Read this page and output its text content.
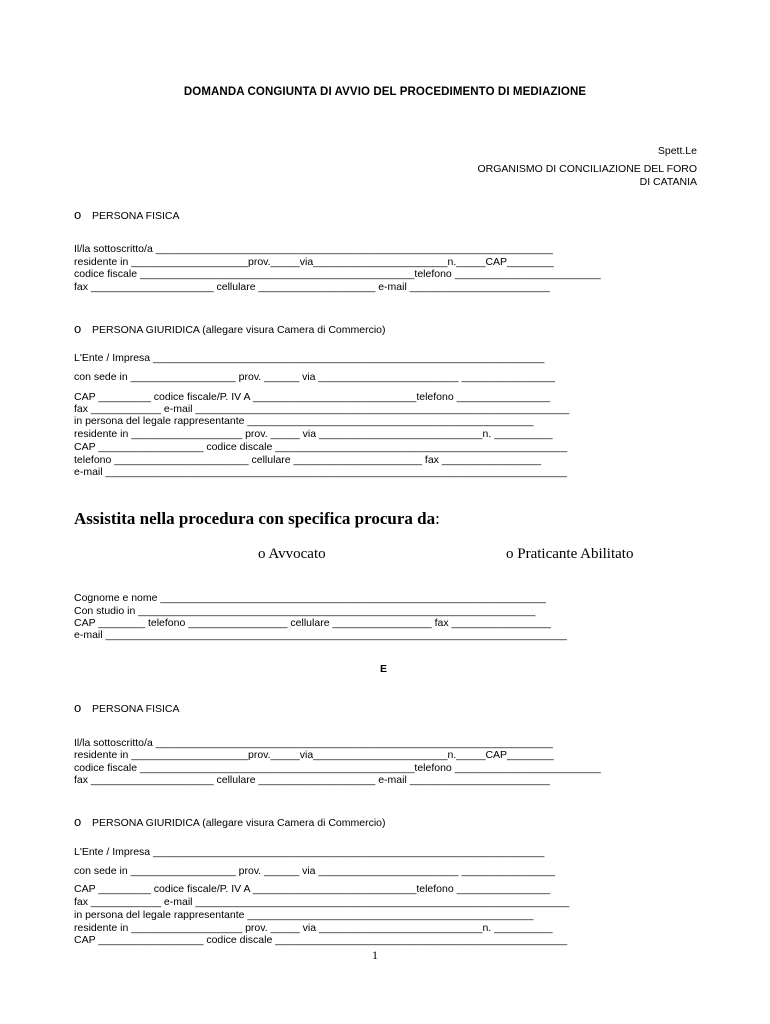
DOMANDA CONGIUNTA DI AVVIO DEL PROCEDIMENTO DI MEDIAZIONE
Spett.Le
ORGANISMO DI CONCILIAZIONE DEL FORO
DI CATANIA
o PERSONA FISICA
Il/la sottoscritto/a ____________________________________________________________________
residente in ____________________prov._____via_______________________n._____CAP________
codice fiscale _______________________________________________telefono _________________________
fax _____________________ cellulare ____________________ e-mail ________________________
o PERSONA GIURIDICA (allegare visura Camera di Commercio)
L'Ente / Impresa ___________________________________________________________________
con sede in __________________ prov. ______ via ________________________ ________________
CAP _________ codice fiscale/P. IV A ____________________________telefono ________________
fax ____________ e-mail ________________________________________________________________
in persona del legale rappresentante _________________________________________________
residente in ___________________ prov. _____ via ____________________________n. __________
CAP __________________ codice discale __________________________________________________
telefono _______________________ cellulare ______________________ fax _________________
e-mail _______________________________________________________________________________
Assistita nella procedura con specifica procura da:
o Avvocato	o Praticante Abilitato
Cognome e nome __________________________________________________________________
Con studio in ____________________________________________________________________
CAP ________ telefono _________________ cellulare _________________ fax _________________
e-mail _______________________________________________________________________________
E
o PERSONA FISICA
Il/la sottoscritto/a ____________________________________________________________________
residente in ____________________prov._____via_______________________n._____CAP________
codice fiscale _______________________________________________telefono _________________________
fax _____________________ cellulare ____________________ e-mail ________________________
o PERSONA GIURIDICA (allegare visura Camera di Commercio)
L'Ente / Impresa ___________________________________________________________________
con sede in __________________ prov. ______ via ________________________ ________________
CAP _________ codice fiscale/P. IV A ____________________________telefono ________________
fax ____________ e-mail ________________________________________________________________
in persona del legale rappresentante _________________________________________________
residente in ___________________ prov. _____ via ____________________________n. __________
CAP __________________ codice discale __________________________________________________
1
